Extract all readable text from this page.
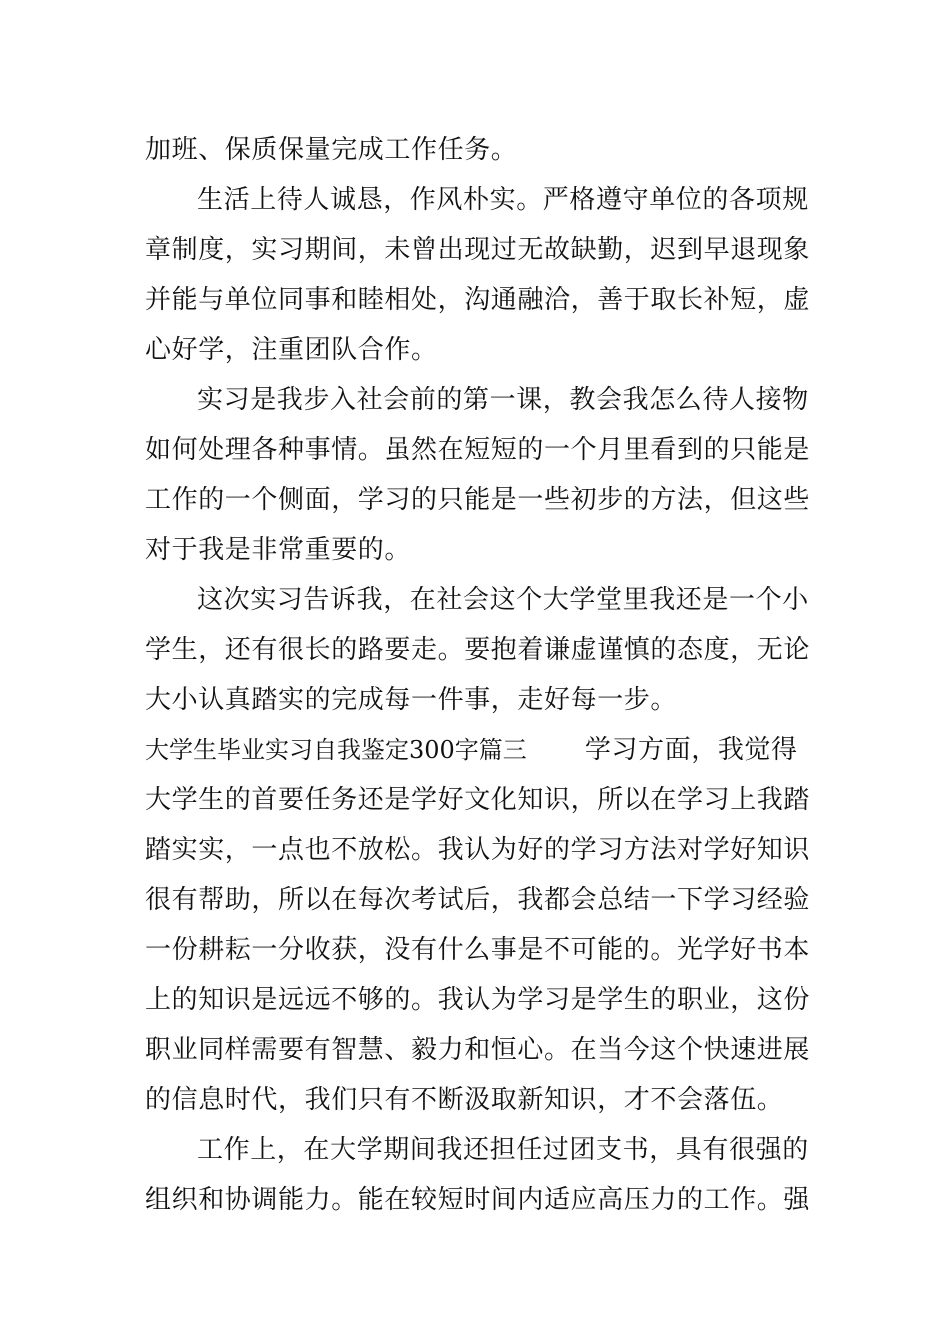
加班、保质保量完成工作任务。
生活上待人诚恳，作风朴实。严格遵守单位的各项规
章制度，实习期间，未曾出现过无故缺勤，迟到早退现象
并能与单位同事和睦相处，沟通融洽，善于取长补短，虚
心好学，注重团队合作。
实习是我步入社会前的第一课，教会我怎么待人接物
如何处理各种事情。虽然在短短的一个月里看到的只能是
工作的一个侧面，学习的只能是一些初步的方法，但这些
对于我是非常重要的。
这次实习告诉我，在社会这个大学堂里我还是一个小
学生，还有很长的路要走。要抱着谦虚谨慎的态度，无论
大小认真踏实的完成每一件事，走好每一步。
大学生毕业实习自我鉴定300字篇三 学习方面，我觉得
大学生的首要任务还是学好文化知识，所以在学习上我踏
踏实实，一点也不放松。我认为好的学习方法对学好知识
很有帮助，所以在每次考试后，我都会总结一下学习经验
一份耕耘一分收获，没有什么事是不可能的。光学好书本
上的知识是远远不够的。我认为学习是学生的职业，这份
职业同样需要有智慧、毅力和恒心。在当今这个快速进展
的信息时代，我们只有不断汲取新知识，才不会落伍。
工作上，在大学期间我还担任过团支书，具有很强的
组织和协调能力。能在较短时间内适应高压力的工作。强
